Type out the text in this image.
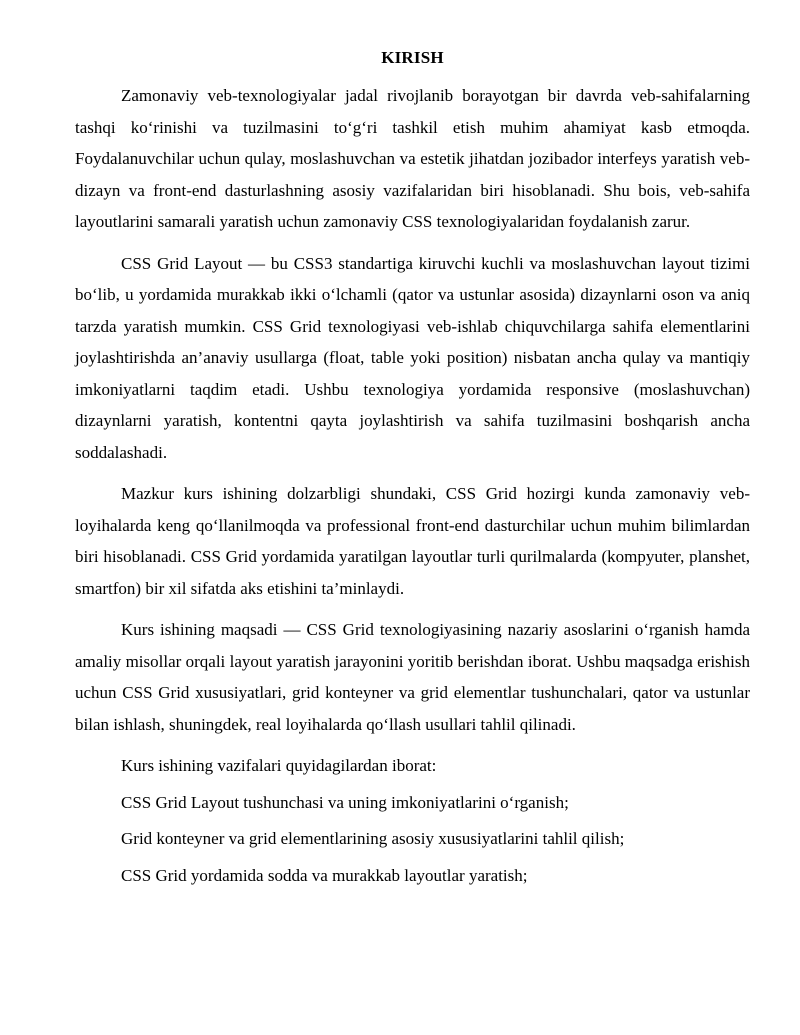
KIRISH

Zamonaviy veb-texnologiyalar jadal rivojlanib borayotgan bir davrda veb-sahifalarning tashqi koʻrinishi va tuzilmasini toʻgʻri tashkil etish muhim ahamiyat kasb etmoqda. Foydalanuvchilar uchun qulay, moslashuvchan va estetik jihatdan jozibador interfeys yaratish veb-dizayn va front-end dasturlashning asosiy vazifalaridan biri hisoblanadi. Shu bois, veb-sahifa layoutlarini samarali yaratish uchun zamonaviy CSS texnologiyalaridan foydalanish zarur.

CSS Grid Layout — bu CSS3 standartiga kiruvchi kuchli va moslashuvchan layout tizimi boʻlib, u yordamida murakkab ikki oʻlchamli (qator va ustunlar asosida) dizaynlarni oson va aniq tarzda yaratish mumkin. CSS Grid texnologiyasi veb-ishlab chiquvchilarga sahifa elementlarini joylashtirishda an’anaviy usullarga (float, table yoki position) nisbatan ancha qulay va mantiqiy imkoniyatlarni taqdim etadi. Ushbu texnologiya yordamida responsive (moslashuvchan) dizaynlarni yaratish, kontentni qayta joylashtirish va sahifa tuzilmasini boshqarish ancha soddalashadi.

Mazkur kurs ishining dolzarbligi shundaki, CSS Grid hozirgi kunda zamonaviy veb-loyihalarda keng qoʻllanilmoqda va professional front-end dasturchilar uchun muhim bilimlardan biri hisoblanadi. CSS Grid yordamida yaratilgan layoutlar turli qurilmalarda (kompyuter, planshet, smartfon) bir xil sifatda aks etishini ta’minlaydi.

Kurs ishining maqsadi — CSS Grid texnologiyasining nazariy asoslarini oʻrganish hamda amaliy misollar orqali layout yaratish jarayonini yoritib berishdan iborat. Ushbu maqsadga erishish uchun CSS Grid xususiyatlari, grid konteyner va grid elementlar tushunchalari, qator va ustunlar bilan ishlash, shuningdek, real loyihalarda qoʻllash usullari tahlil qilinadi.

Kurs ishining vazifalari quyidagilardan iborat:

CSS Grid Layout tushunchasi va uning imkoniyatlarini oʻrganish;

Grid konteyner va grid elementlarining asosiy xususiyatlarini tahlil qilish;

CSS Grid yordamida sodda va murakkab layoutlar yaratish;
